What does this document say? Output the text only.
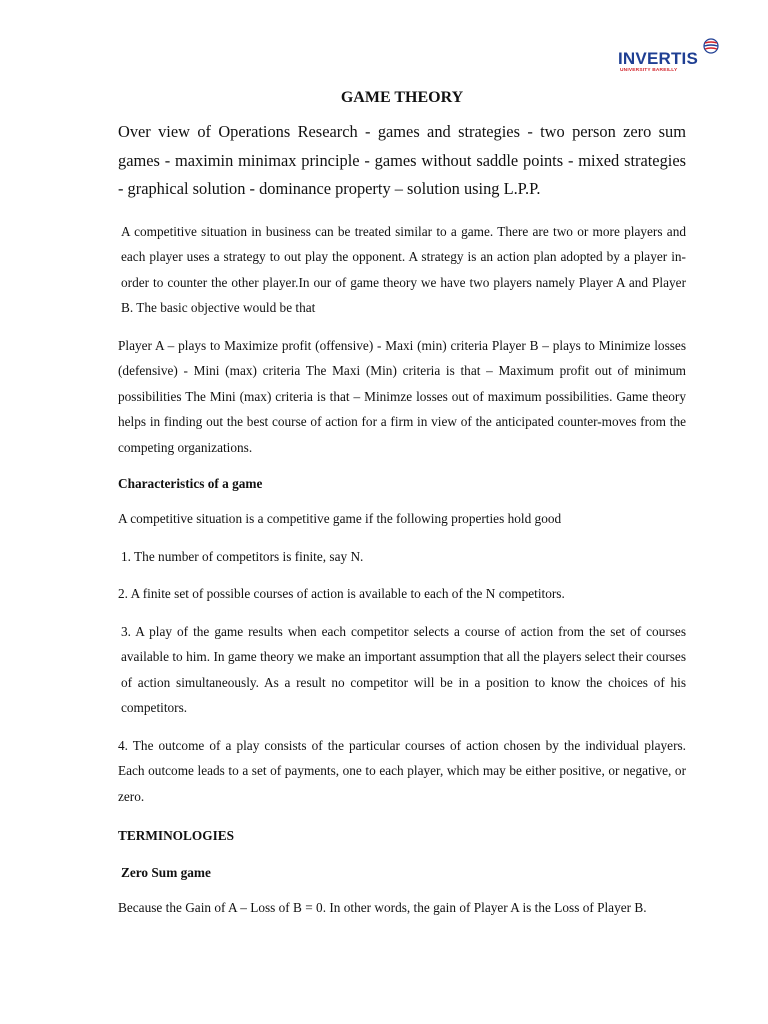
INVERTIS
UNIVERSITY BAREILLY
GAME THEORY

Over view of Operations Research - games and strategies - two person zero sum games - maximin minimax principle - games without saddle points - mixed strategies - graphical solution - dominance property – solution using L.P.P.

A competitive situation in business can be treated similar to a game. There are two or more players and each player uses a strategy to out play the opponent. A strategy is an action plan adopted by a player in-order to counter the other player.In our of game theory we have two players namely Player A and Player B. The basic objective would be that

Player A – plays to Maximize profit (offensive) - Maxi (min) criteria Player B – plays to Minimize losses (defensive) - Mini (max) criteria The Maxi (Min) criteria is that – Maximum profit out of minimum possibilities The Mini (max) criteria is that – Minimze losses out of maximum possibilities. Game theory helps in finding out the best course of action for a firm in view of the anticipated counter-moves from the competing organizations.

Characteristics of a game

A competitive situation is a competitive game if the following properties hold good

1. The number of competitors is finite, say N.

2. A finite set of possible courses of action is available to each of the N competitors.

3. A play of the game results when each competitor selects a course of action from the set of courses available to him. In game theory we make an important assumption that all the players select their courses of action simultaneously. As a result no competitor will be in a position to know the choices of his competitors.

4. The outcome of a play consists of the particular courses of action chosen by the individual players. Each outcome leads to a set of payments, one to each player, which may be either positive, or negative, or zero.

TERMINOLOGIES

Zero Sum game

Because the Gain of A – Loss of B = 0. In other words, the gain of Player A is the Loss of Player B.
